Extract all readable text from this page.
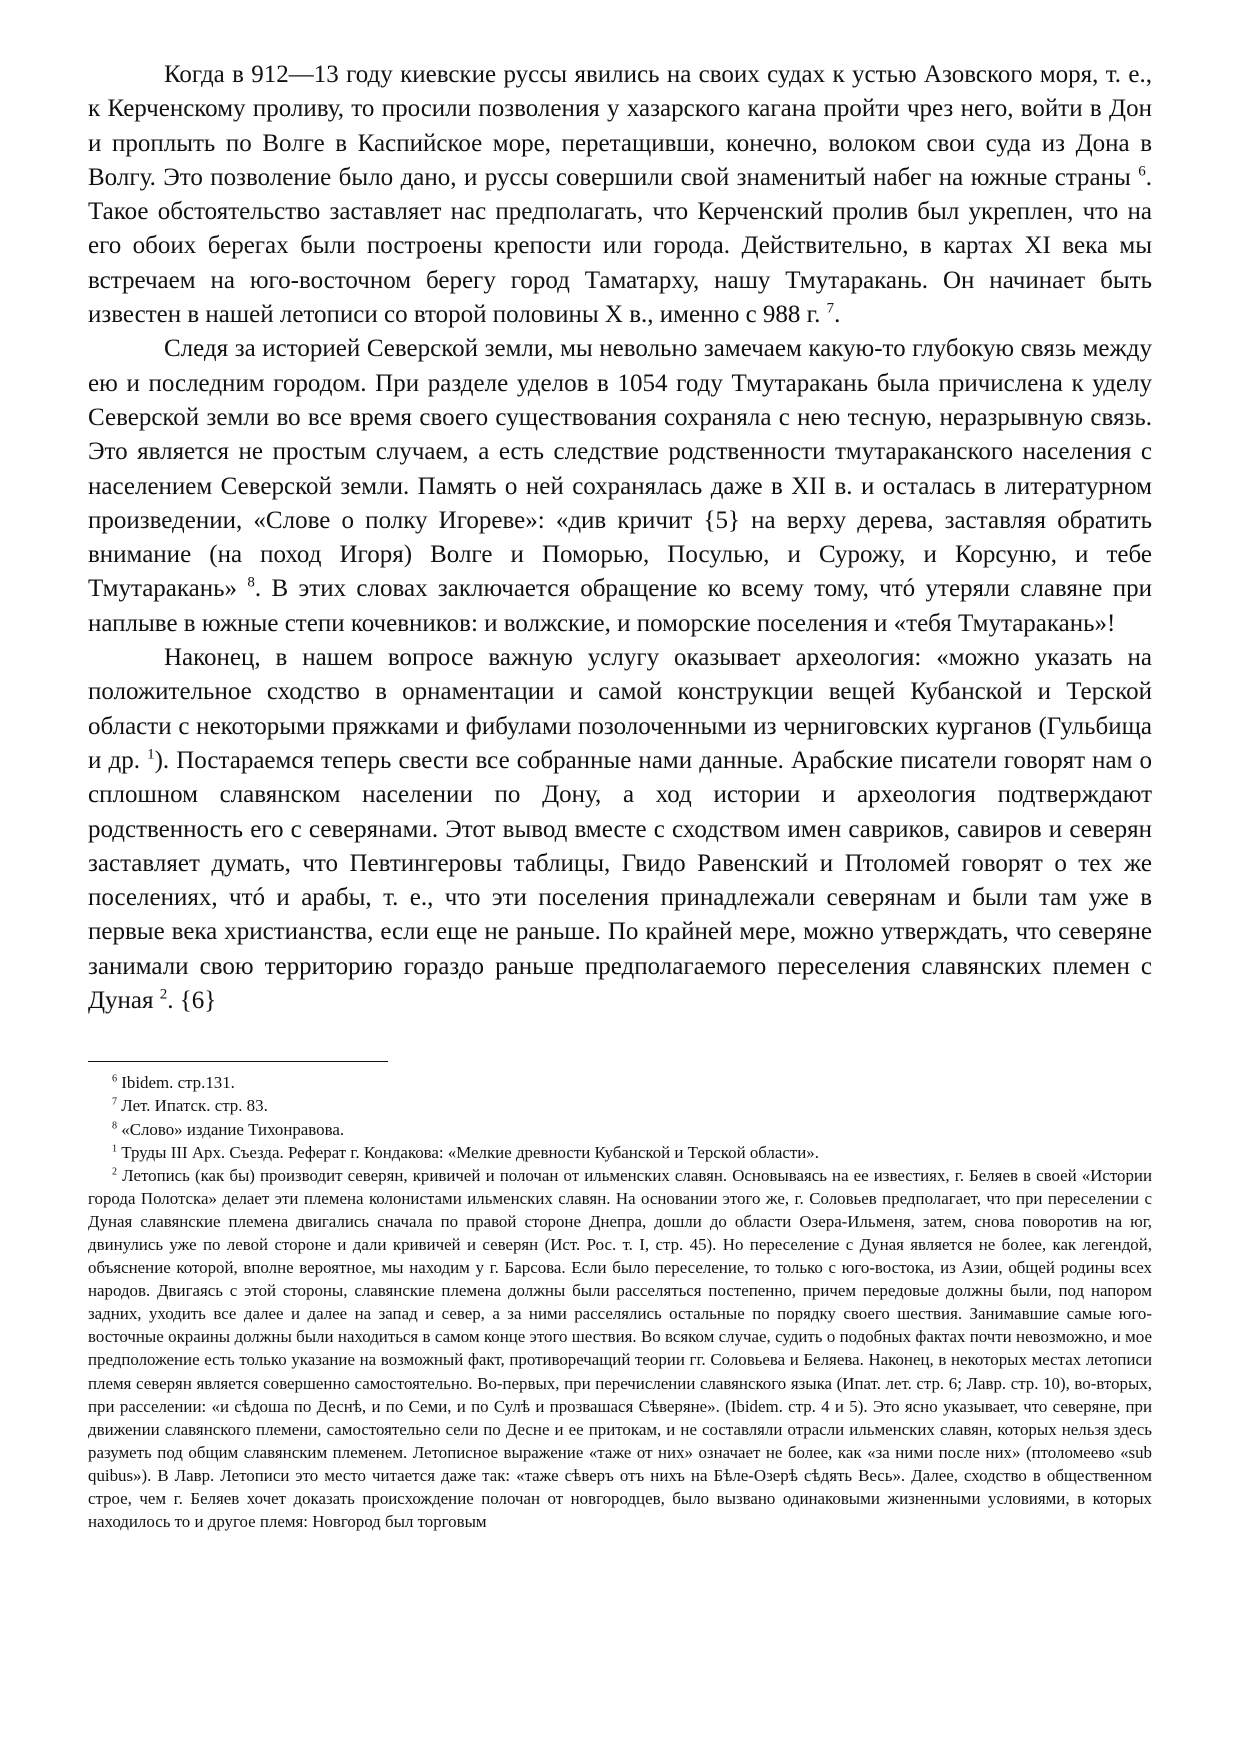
Когда в 912—13 году киевские руссы явились на своих судах к устью Азовского моря, т. е., к Керченскому проливу, то просили позволения у хазарского кагана пройти чрез него, войти в Дон и проплыть по Волге в Каспийское море, перетащивши, конечно, волоком свои суда из Дона в Волгу. Это позволение было дано, и руссы совершили свой знаменитый набег на южные страны $^6$. Такое обстоятельство заставляет нас предполагать, что Керченский пролив был укреплен, что на его обоих берегах были построены крепости или города. Действительно, в картах XI века мы встречаем на юго-восточном берегу город Таматарху, нашу Тмутаракань. Он начинает быть известен в нашей летописи со второй половины X в., именно с 988 г. $^7$.

Следя за историей Северской земли, мы невольно замечаем какую-то глубокую связь между ею и последним городом. При разделе уделов в 1054 году Тмутаракань была причислена к уделу Северской земли во все время своего существования сохраняла с нею тесную, неразрывную связь. Это является не простым случаем, а есть следствие родственности тмутараканского населения с населением Северской земли. Память о ней сохранялась даже в XII в. и осталась в литературном произведении, «Слове о полку Игореве»: «див кричит {5} на верху дерева, заставляя обратить внимание (на поход Игоря) Волге и Поморью, Посулью, и Сурожу, и Корсуню, и тебе Тмутаракань» $^8$. В этих словах заключается обращение ко всему тому, чтó утеряли славяне при наплыве в южные степи кочевников: и волжские, и поморские поселения и «тебя Тмутаракань»!

Наконец, в нашем вопросе важную услугу оказывает археология: «можно указать на положительное сходство в орнаментации и самой конструкции вещей Кубанской и Терской области с некоторыми пряжками и фибулами позолоченными из черниговских курганов (Гульбища и др. $^1$). Постараемся теперь свести все собранные нами данные. Арабские писатели говорят нам о сплошном славянском населении по Дону, а ход истории и археология подтверждают родственность его с северянами. Этот вывод вместе с сходством имен савриков, савиров и северян заставляет думать, что Певтингеровы таблицы, Гвидо Равенский и Птоломей говорят о тех же поселениях, чтó и арабы, т. е., что эти поселения принадлежали северянам и были там уже в первые века христианства, если еще не раньше. По крайней мере, можно утверждать, что северяне занимали свою территорию гораздо раньше предполагаемого переселения славянских племен с Дуная $^2$. {6}

$^6$ Ibidem. стр.131.

$^7$ Лет. Ипатск. стр. 83.

$^8$ «Слово» издание Тихонравова.

$^1$ Труды III Арх. Съезда. Реферат г. Кондакова: «Мелкие древности Кубанской и Терской области».

$^2$ Летопись (как бы) производит северян, кривичей и полочан от ильменских славян. Основываясь на ее известиях, г. Беляев в своей «Истории города Полотска» делает эти племена колонистами ильменских славян. На основании этого же, г. Соловьев предполагает, что при переселении с Дуная славянские племена двигались сначала по правой стороне Днепра, дошли до области Озера-Ильменя, затем, снова поворотив на юг, двинулись уже по левой стороне и дали кривичей и северян (Ист. Рос. т. I, стр. 45). Но переселение с Дуная является не более, как легендой, объяснение которой, вполне вероятное, мы находим у г. Барсова. Если было переселение, то только с юго-востока, из Азии, общей родины всех народов. Двигаясь с этой стороны, славянские племена должны были расселяться постепенно, причем передовые должны были, под напором задних, уходить все далее и далее на запад и север, а за ними расселялись остальные по порядку своего шествия. Занимавшие самые юго-восточные окраины должны были находиться в самом конце этого шествия. Во всяком случае, судить о подобных фактах почти невозможно, и мое предположение есть только указание на возможный факт, противоречащий теории гг. Соловьева и Беляева. Наконец, в некоторых местах летописи племя северян является совершенно самостоятельно. Во-первых, при перечислении славянского языка (Ипат. лет. стр. 6; Лавр. стр. 10), во-вторых, при расселении: «и сѣдоша по Деснѣ, и по Семи, и по Сулѣ и прозвашася Сѣверяне». (Ibidem. стр. 4 и 5). Это ясно указывает, что северяне, при движении славянского племени, самостоятельно сели по Десне и ее притокам, и не составляли отрасли ильменских славян, которых нельзя здесь разуметь под общим славянским племенем. Летописное выражение «таже от них» означает не более, как «за ними после них» (птоломеево «sub quibus»). В Лавр. Летописи это место читается даже так: «таже сѣверъ отъ нихъ на Бѣле-Озерѣ сѣдять Весь». Далее, сходство в общественном строе, чем г. Беляев хочет доказать происхождение полочан от новгородцев, было вызвано одинаковыми жизненными условиями, в которых находилось то и другое племя: Новгород был торговым
